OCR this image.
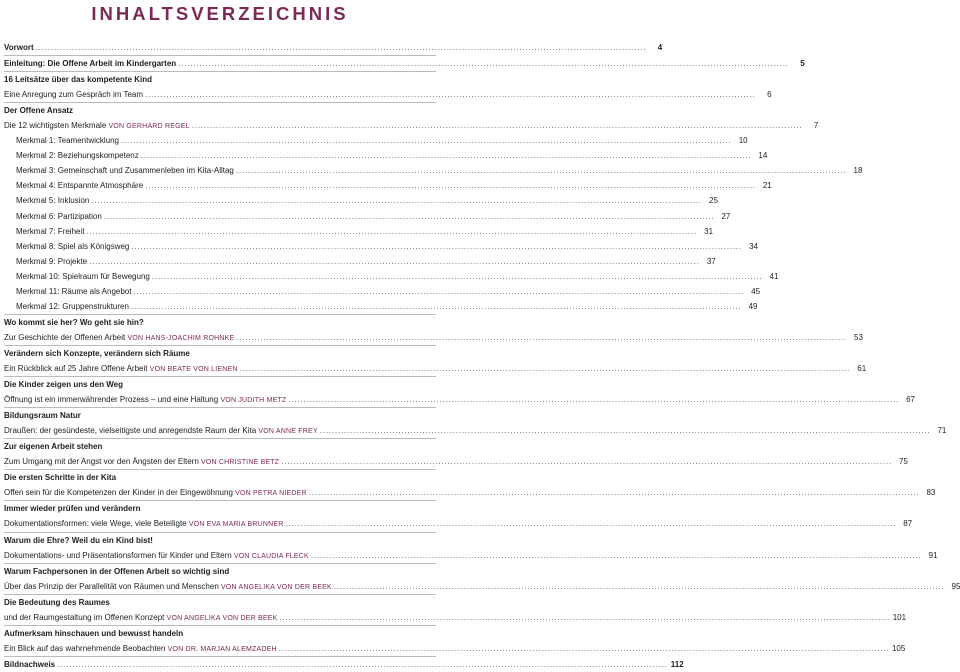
INHALTSVERZEICHNIS
Vorwort .....	4
Einleitung: Die Offene Arbeit im Kindergarten .....	5
16 Leitsätze über das kompetente Kind
Eine Anregung zum Gespräch im Team .....	6
Der Offene Ansatz
Die 12 wichtigsten Merkmale VON GERHARD REGEL .....	7
Merkmal 1: Teamentwicklung .....	10
Merkmal 2: Beziehungskompetenz .....	14
Merkmal 3: Gemeinschaft und Zusammenleben im Kita-Alltag .....	18
Merkmal 4: Entspannte Atmosphäre .....	21
Merkmal 5: Inklusion .....	25
Merkmal 6: Partizipation .....	27
Merkmal 7: Freiheit .....	31
Merkmal 8: Spiel als Königsweg .....	34
Merkmal 9: Projekte .....	37
Merkmal 10: Spielraum für Bewegung .....	41
Merkmal 11: Räume als Angebot .....	45
Merkmal 12: Gruppenstrukturen .....	49
Wo kommt sie her? Wo geht sie hin?
Zur Geschichte der Offenen Arbeit VON HANS-JOACHIM ROHNKE .....	53
Verändern sich Konzepte, verändern sich Räume
Ein Rückblick auf 25 Jahre Offene Arbeit VON BEATE VON LIENEN .....	61
Die Kinder zeigen uns den Weg
Öffnung ist ein immerwährender Prozess – und eine Haltung VON JUDITH METZ .....	67
Bildungsraum Natur
Draußen: der gesündeste, vielseitigste und anregendste Raum der Kita VON ANNE FREY .....	71
Zur eigenen Arbeit stehen
Zum Umgang mit der Angst vor den Ängsten der Eltern VON CHRISTINE BETZ .....	75
Die ersten Schritte in der Kita
Offen sein für die Kompetenzen der Kinder in der Eingewöhnung VON PETRA NIEDER .....	83
Immer wieder prüfen und verändern
Dokumentationsformen: viele Wege, viele Beteiligte VON EVA MARIA BRUNNER .....	87
Warum die Ehre? Weil du ein Kind bist!
Dokumentations- und Präsentationsformen für Kinder und Eltern VON CLAUDIA FLECK .....	91
Warum Fachpersonen in der Offenen Arbeit so wichtig sind
Über das Prinzip der Parallelität von Räumen und Menschen VON ANGELIKA VON DER BEEK .....	95
Die Bedeutung des Raumes
und der Raumgestaltung im Offenen Konzept VON ANGELIKA VON DER BEEK .....	101
Aufmerksam hinschauen und bewusst handeln
Ein Blick auf das wahrnehmende Beobachten VON DR. MARJAN ALEMZADEH .....	105
Bildnachweis .....	112
